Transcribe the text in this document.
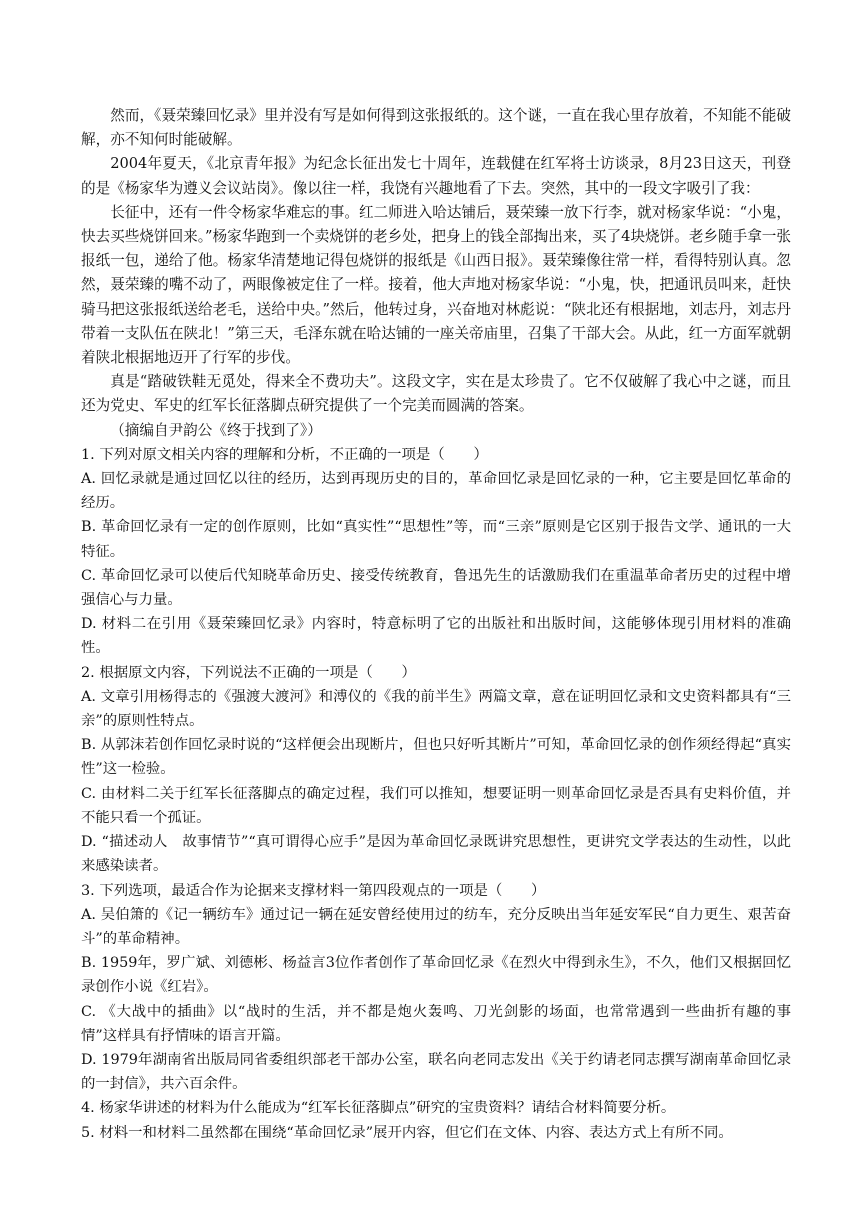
然而，《聂荣臻回忆录》里并没有写是如何得到这张报纸的。这个谜，一直在我心里存放着，不知能不能破解，亦不知何时能破解。

2004年夏天，《北京青年报》为纪念长征出发七十周年，连载健在红军将士访谈录，8月23日这天，刊登的是《杨家华为遵义会议站岗》。像以往一样，我饶有兴趣地看了下去。突然，其中的一段文字吸引了我：

长征中，还有一件令杨家华难忘的事。红二师进入哈达铺后，聂荣臻一放下行李，就对杨家华说：“小鬼，快去买些烧饼回来。”杨家华跑到一个卖烧饼的老乡处，把身上的钱全部掏出来，买了4块烧饼。老乡随手拿一张报纸一包，递给了他。杨家华清楚地记得包烧饼的报纸是《山西日报》。聂荣臻像往常一样，看得特别认真。忽然，聂荣臻的嘴不动了，两眼像被定住了一样。接着，他大声地对杨家华说：“小鬼，快，把通讯员叫来，赶快骑马把这张报纸送给老毛，送给中央。”然后，他转过身，兴奋地对林彪说：“陕北还有根据地，刘志丹，刘志丹带着一支队伍在陕北！”第三天，毛泽东就在哈达铺的一座关帝庙里，召集了干部大会。从此，红一方面军就朝着陕北根据地迈开了行军的步伐。

真是“踏破铁鞋无觅处，得来全不费功夫”。这段文字，实在是太珍贵了。它不仅破解了我心中之谜，而且还为党史、军史的红军长征落脚点研究提供了一个完美而圆满的答案。

（摘编自尹韵公《终于找到了》）

1. 下列对原文相关内容的理解和分析，不正确的一项是（　　）

A. 回忆录就是通过回忆以往的经历，达到再现历史的目的，革命回忆录是回忆录的一种，它主要是回忆革命的经历。

B. 革命回忆录有一定的创作原则，比如“真实性”“思想性”等，而“三亲”原则是它区别于报告文学、通讯的一大特征。

C. 革命回忆录可以使后代知晓革命历史、接受传统教育，鲁迅先生的话激励我们在重温革命者历史的过程中增强信心与力量。

D. 材料二在引用《聂荣臻回忆录》内容时，特意标明了它的出版社和出版时间，这能够体现引用材料的准确性。

2. 根据原文内容，下列说法不正确的一项是（　　）

A. 文章引用杨得志的《强渡大渡河》和溥仪的《我的前半生》两篇文章，意在证明回忆录和文史资料都具有“三亲”的原则性特点。

B. 从郭沫若创作回忆录时说的“这样便会出现断片，但也只好听其断片”可知，革命回忆录的创作须经得起“真实性”这一检验。

C. 由材料二关于红军长征落脚点的确定过程，我们可以推知，想要证明一则革命回忆录是否具有史料价值，并不能只看一个孤证。

D. “描述动人　故事情节”“真可谓得心应手”是因为革命回忆录既讲究思想性，更讲究文学表达的生动性，以此来感染读者。

3. 下列选项，最适合作为论据来支撑材料一第四段观点的一项是（　　）

A. 吴伯箫的《记一辆纺车》通过记一辆在延安曾经使用过的纺车，充分反映出当年延安军民“自力更生、艰苦奋斗”的革命精神。

B. 1959年，罗广斌、刘德彬、杨益言3位作者创作了革命回忆录《在烈火中得到永生》，不久，他们又根据回忆录创作小说《红岩》。

C. 《大战中的插曲》以“战时的生活，并不都是炮火轰鸣、刀光剑影的场面，也常常遇到一些曲折有趣的事情”这样具有抒情味的语言开篇。

D. 1979年湖南省出版局同省委组织部老干部办公室，联名向老同志发出《关于约请老同志撰写湖南革命回忆录的一封信》，共六百余件。

4. 杨家华讲述的材料为什么能成为“红军长征落脚点”研究的宝贵资料？请结合材料简要分析。

5. 材料一和材料二虽然都在围绕“革命回忆录”展开内容，但它们在文体、内容、表达方式上有所不同。
